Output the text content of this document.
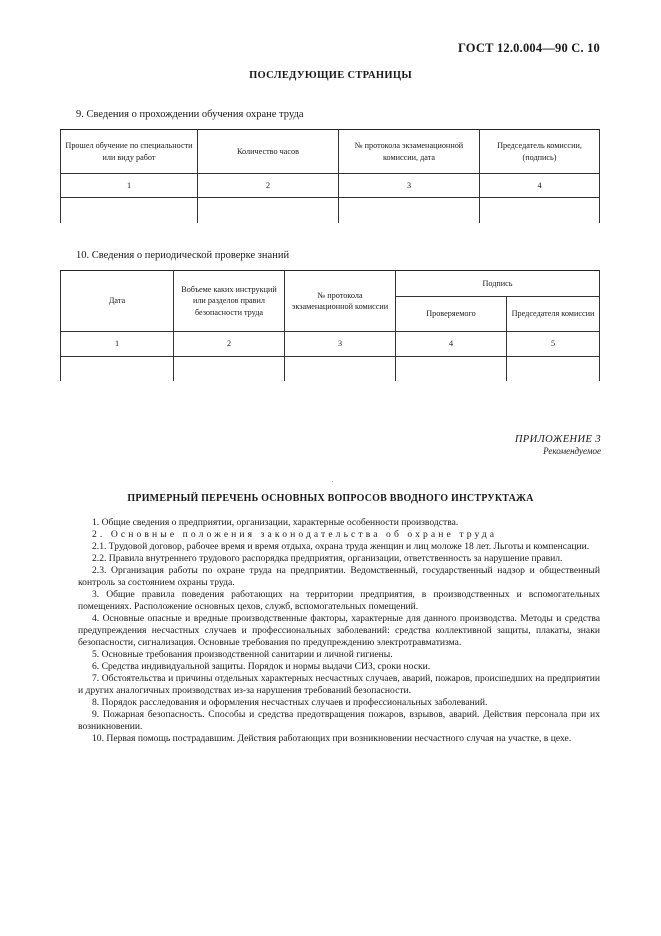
ГОСТ 12.0.004—90 С. 10
ПОСЛЕДУЮЩИЕ СТРАНИЦЫ
9. Сведения о прохождении обучения охране труда
Прошел обучение по специальности или виду работ	Количество часов	№ протокола экзаменационной комиссии, дата	Председатель комиссии, (подпись)
1	2	3	4

10. Сведения о периодической проверке знаний
Дата	Вобъеме каких инструкций или разделов правил безопасности труда	№ протокола экзаменационной комиссии	Подпись	
			Проверяемого	Председателя комиссии
1	2	3	4	5

ПРИЛОЖЕНИЕ 3
Рекомендуемое
ПРИМЕРНЫЙ ПЕРЕЧЕНЬ ОСНОВНЫХ ВОПРОСОВ ВВОДНОГО ИНСТРУКТАЖА

1. Общие сведения о предприятии, организации, характерные особенности производства.

2. Основные положения законодательства об охране труда

2.1. Трудовой договор, рабочее время и время отдыха, охрана труда женщин и лиц моложе 18 лет. Льготы и компенсации.

2.2. Правила внутреннего трудового распорядка предприятия, организации, ответственность за нарушение правил.

2.3. Организация работы по охране труда на предприятии. Ведомственный, государственный надзор и общественный контроль за состоянием охраны труда.

3. Общие правила поведения работающих на территории предприятия, в производственных и вспомогательных помещениях. Расположение основных цехов, служб, вспомогательных помещений.

4. Основные опасные и вредные производственные факторы, характерные для данного производства. Методы и средства предупреждения несчастных случаев и профессиональных заболеваний: средства коллективной защиты, плакаты, знаки безопасности, сигнализация. Основные требования по предупреждению электротравматизма.

5. Основные требования производственной санитарии и личной гигиены.

6. Средства индивидуальной защиты. Порядок и нормы выдачи СИЗ, сроки носки.

7. Обстоятельства и причины отдельных характерных несчастных случаев, аварий, пожаров, происшедших на предприятии и других аналогичных производствах из-за нарушения требований безопасности.

8. Порядок расследования и оформления несчастных случаев и профессиональных заболеваний.

9. Пожарная безопасность. Способы и средства предотвращения пожаров, взрывов, аварий. Действия персонала при их возникновении.

10. Первая помощь пострадавшим. Действия работающих при возникновении несчастного случая на участке, в цехе.
